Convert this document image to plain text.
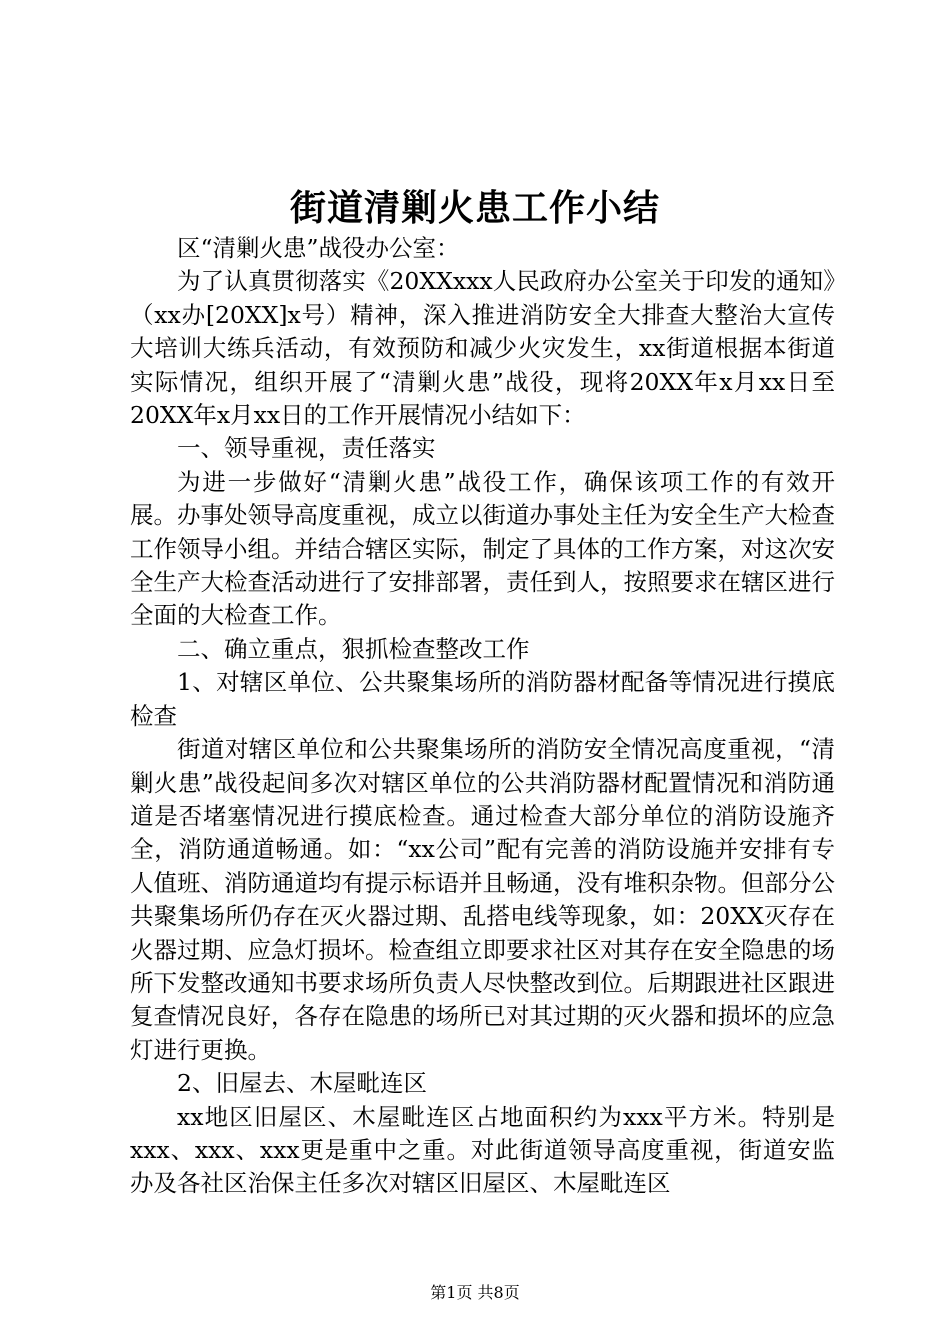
街道清剿火患工作小结

区“清剿火患”战役办公室：

为了认真贯彻落实《20XXxxx人民政府办公室关于印发的通知》（xx办[20XX]x号）精神，深入推进消防安全大排查大整治大宣传大培训大练兵活动，有效预防和减少火灾发生，xx街道根据本街道实际情况，组织开展了“清剿火患”战役，现将20XX年x月xx日至20XX年x月xx日的工作开展情况小结如下：

一、领导重视，责任落实

为进一步做好“清剿火患”战役工作，确保该项工作的有效开展。办事处领导高度重视，成立以街道办事处主任为安全生产大检查工作领导小组。并结合辖区实际，制定了具体的工作方案，对这次安全生产大检查活动进行了安排部署，责任到人，按照要求在辖区进行全面的大检查工作。

二、确立重点，狠抓检查整改工作

1、对辖区单位、公共聚集场所的消防器材配备等情况进行摸底检查

街道对辖区单位和公共聚集场所的消防安全情况高度重视，“清剿火患”战役起间多次对辖区单位的公共消防器材配置情况和消防通道是否堵塞情况进行摸底检查。通过检查大部分单位的消防设施齐全，消防通道畅通。如：“xx公司”配有完善的消防设施并安排有专人值班、消防通道均有提示标语并且畅通，没有堆积杂物。但部分公共聚集场所仍存在灭火器过期、乱搭电线等现象，如：20XX灭存在火器过期、应急灯损坏。检查组立即要求社区对其存在安全隐患的场所下发整改通知书要求场所负责人尽快整改到位。后期跟进社区跟进复查情况良好，各存在隐患的场所已对其过期的灭火器和损坏的应急灯进行更换。

2、旧屋去、木屋毗连区

xx地区旧屋区、木屋毗连区占地面积约为xxx平方米。特别是xxx、xxx、xxx更是重中之重。对此街道领导高度重视，街道安监办及各社区治保主任多次对辖区旧屋区、木屋毗连区

第1页 共8页
